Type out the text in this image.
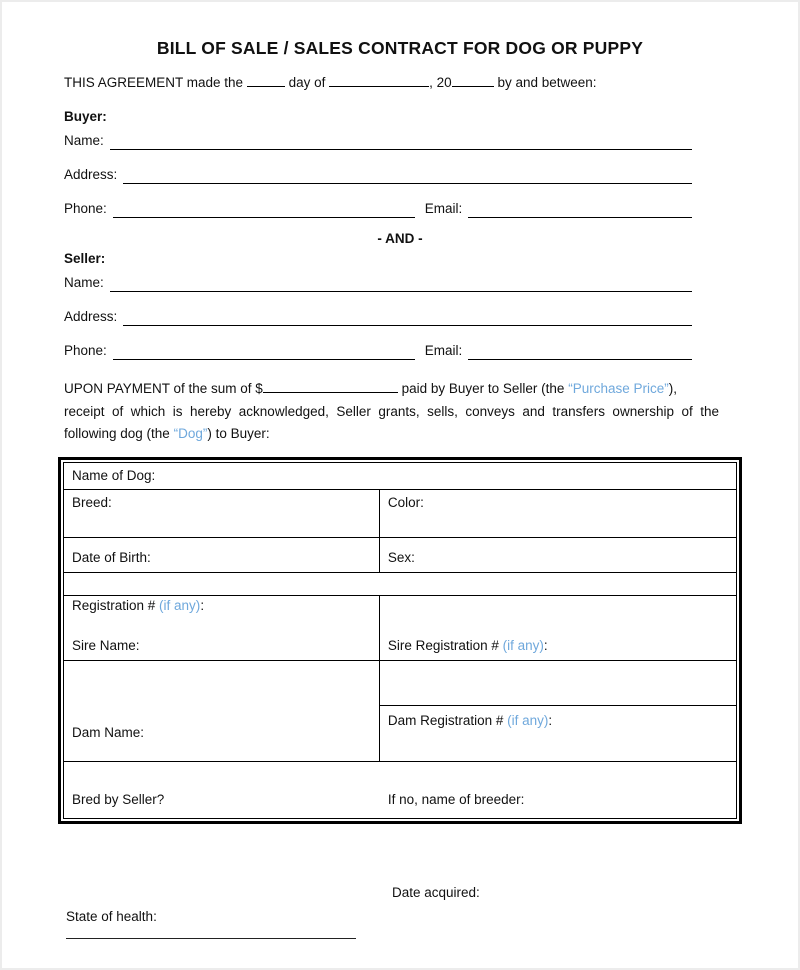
BILL OF SALE / SALES CONTRACT FOR DOG OR PUPPY

THIS AGREEMENT made the	day of	, 20	by and between:

Buyer:

Name:
Address:
Phone:	Email:

- AND -

Seller:

Name:
Address:
Phone:	Email:

UPON PAYMENT of the sum of $	paid by Buyer to Seller (the “Purchase Price”),

receipt of which is hereby acknowledged, Seller grants, sells, conveys and transfers ownership of the

following dog (the “Dog”) to Buyer:

Name of Dog:
Breed:	Color:
Date of Birth:	Sex:
Registration # (if any):
Sire Name:	Sire Registration # (if any):
Dam Name:
Dam Registration # (if any):
Bred by Seller?	If no, name of breeder:

Date acquired:

State of health:
